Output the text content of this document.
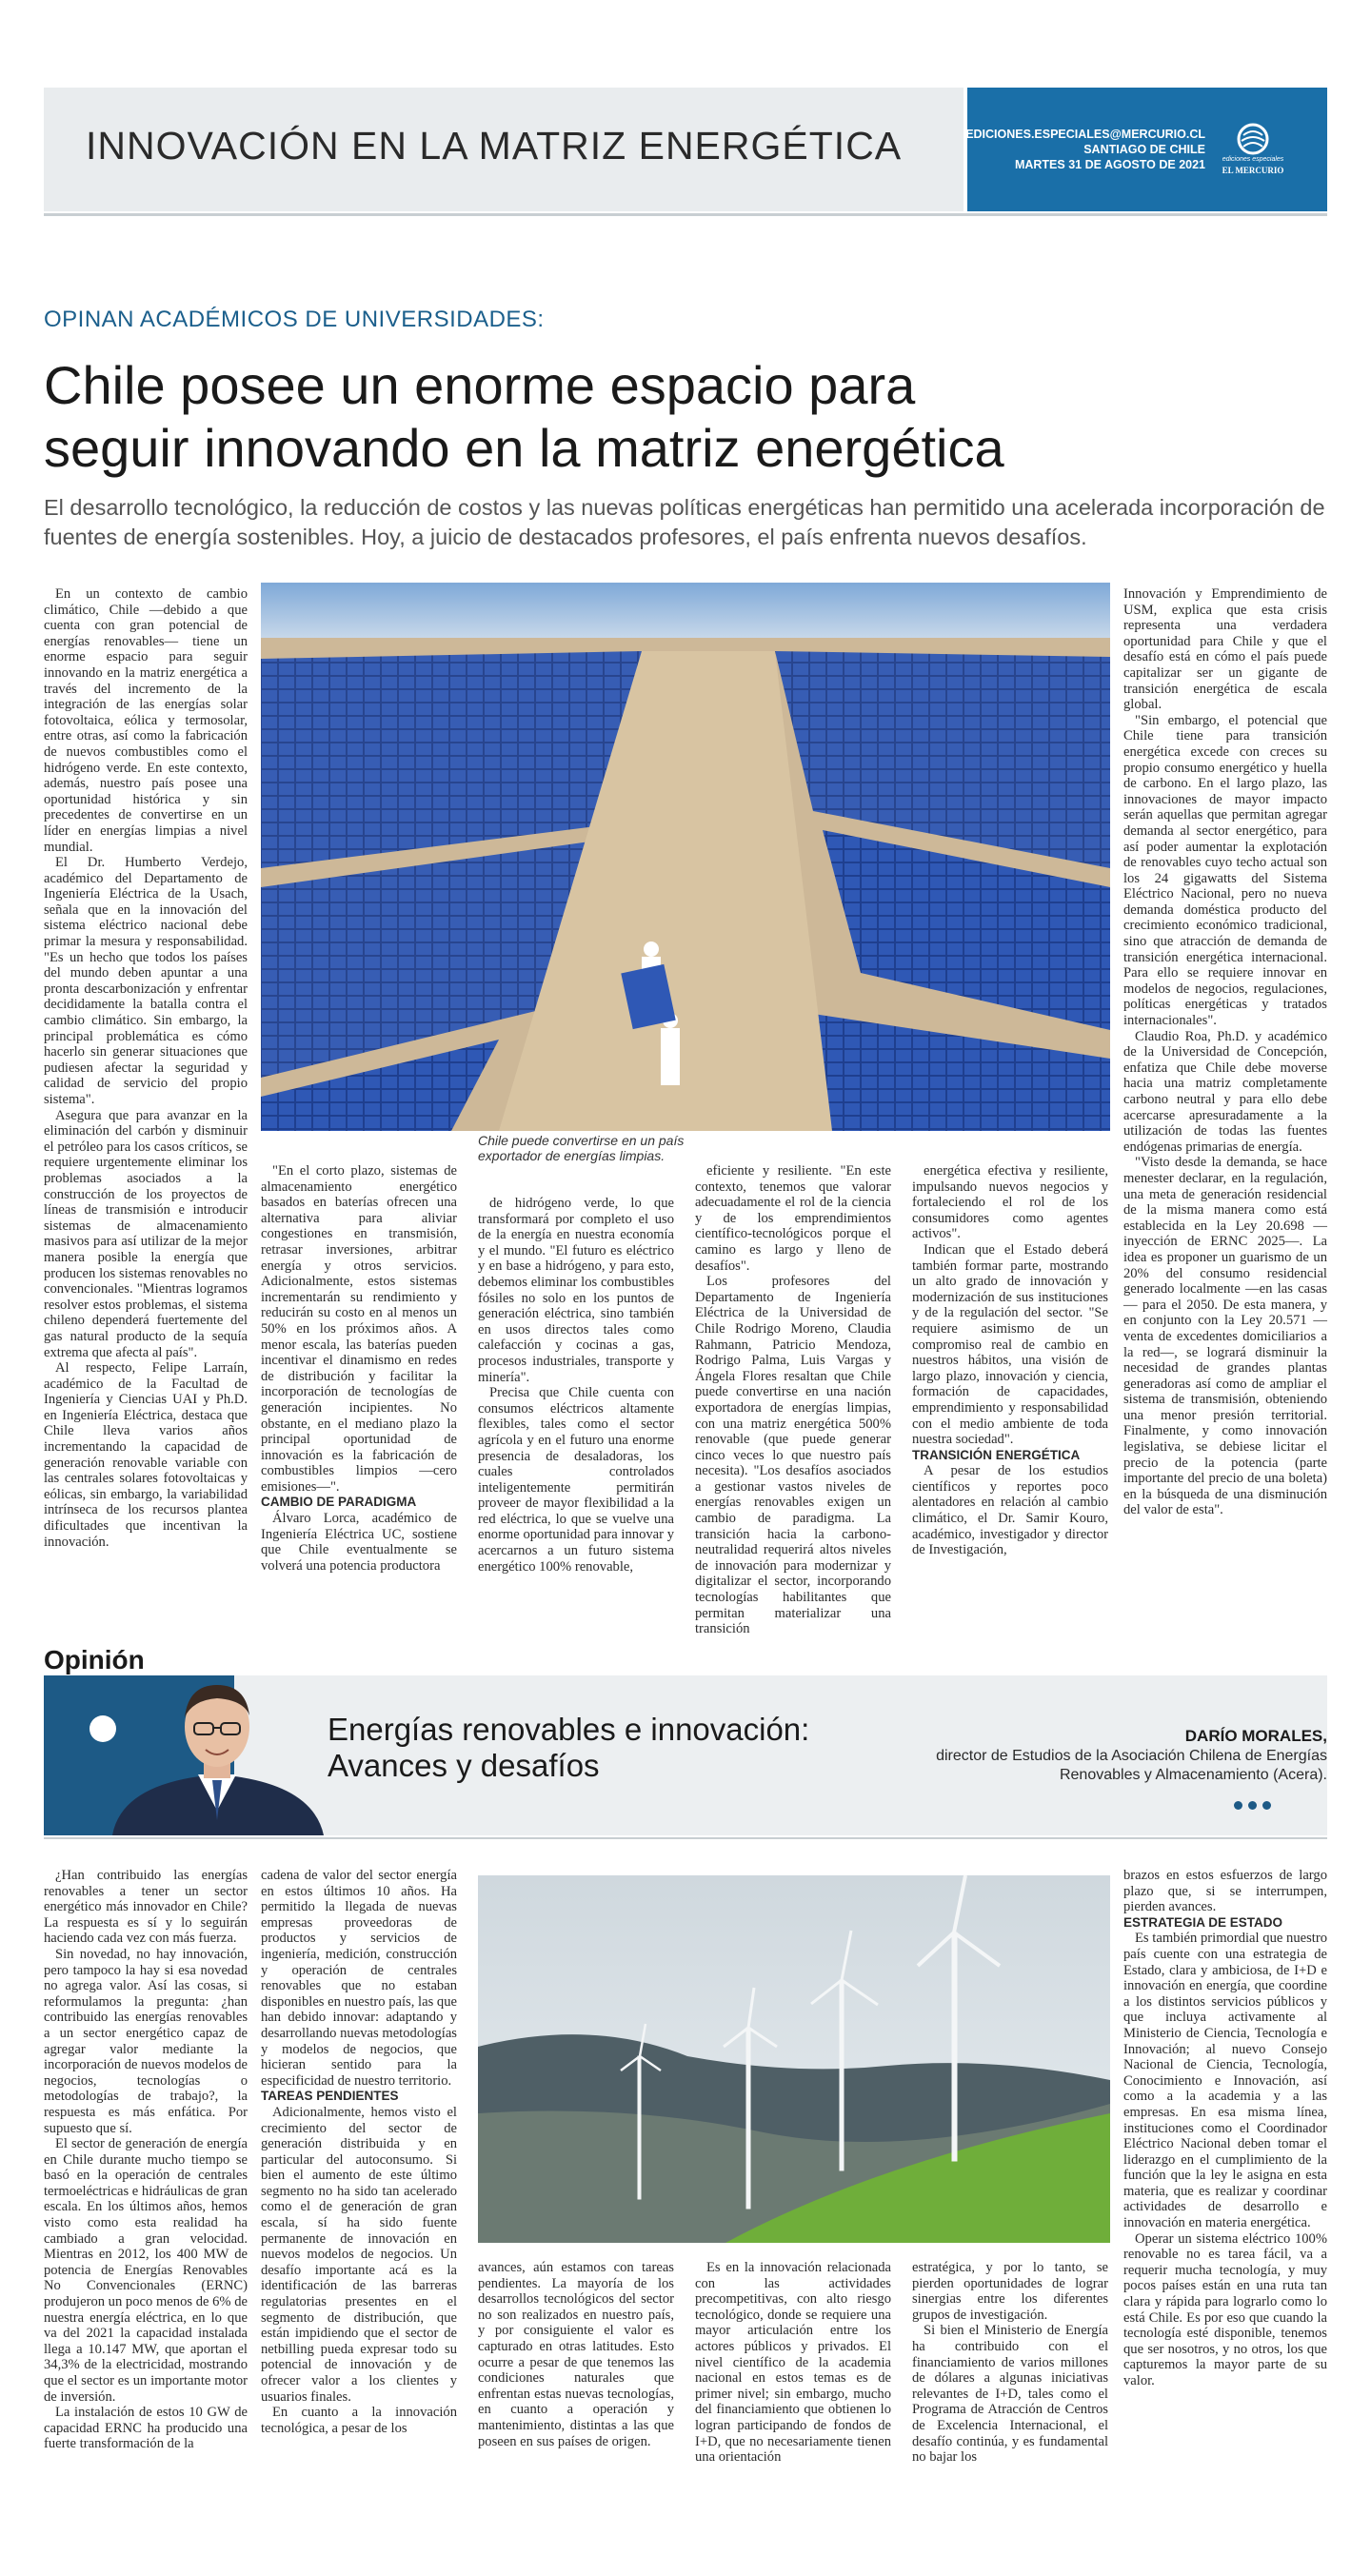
INNOVACIÓN EN LA MATRIZ ENERGÉTICA	EDICIONES.ESPECIALES@MERCURIO.CL
SANTIAGO DE CHILE
MARTES 31 DE AGOSTO DE 2021	ediciones especiales
EL MERCURIO
OPINAN ACADÉMICOS DE UNIVERSIDADES:
Chile posee un enorme espacio para
seguir innovando en la matriz energética
El desarrollo tecnológico, la reducción de costos y las nuevas políticas energéticas han permitido una acelerada incorporación de fuentes de energía sostenibles. Hoy, a juicio de destacados profesores, el país enfrenta nuevos desafíos.

En un contexto de cambio climático, Chile —debido a que cuenta con gran potencial de energías renovables— tiene un enorme espacio para seguir innovando en la matriz energética a través del incremento de la integración de las energías solar fotovoltaica, eólica y termosolar, entre otras, así como la fabricación de nuevos combustibles como el hidrógeno verde. En este contexto, además, nuestro país posee una oportunidad histórica y sin precedentes de convertirse en un líder en energías limpias a nivel mundial.

El Dr. Humberto Verdejo, académico del Departamento de Ingeniería Eléctrica de la Usach, señala que en la innovación del sistema eléctrico nacional debe primar la mesura y responsabilidad. "Es un hecho que todos los países del mundo deben apuntar a una pronta descarbonización y enfrentar decididamente la batalla contra el cambio climático. Sin embargo, la principal problemática es cómo hacerlo sin generar situaciones que pudiesen afectar la seguridad y calidad de servicio del propio sistema".

Asegura que para avanzar en la eliminación del carbón y disminuir el petróleo para los casos críticos, se requiere urgentemente eliminar los problemas asociados a la construcción de los proyectos de líneas de transmisión e introducir sistemas de almacenamiento masivos para así utilizar de la mejor manera posible la energía que producen los sistemas renovables no convencionales. "Mientras logramos resolver estos problemas, el sistema chileno dependerá fuertemente del gas natural producto de la sequía extrema que afecta al país".

Al respecto, Felipe Larraín, académico de la Facultad de Ingeniería y Ciencias UAI y Ph.D. en Ingeniería Eléctrica, destaca que Chile lleva varios años incrementando la capacidad de generación renovable variable con las centrales solares fotovoltaicas y eólicas, sin embargo, la variabilidad intrínseca de los recursos plantea dificultades que incentivan la innovación.

EL MERCURIO
Chile puede convertirse en un país exportador de energías limpias.

"En el corto plazo, sistemas de almacenamiento energético basados en baterías ofrecen una alternativa para aliviar congestiones en transmisión, retrasar inversiones, arbitrar energía y otros servicios. Adicionalmente, estos sistemas incrementarán su rendimiento y reducirán su costo en al menos un 50% en los próximos años. A menor escala, las baterías pueden incentivar el dinamismo en redes de distribución y facilitar la incorporación de tecnologías de generación incipientes. No obstante, en el mediano plazo la principal oportunidad de innovación es la fabricación de combustibles limpios —cero emisiones—".

CAMBIO DE PARADIGMA

Álvaro Lorca, académico de Ingeniería Eléctrica UC, sostiene que Chile eventualmente se volverá una potencia productora

de hidrógeno verde, lo que transformará por completo el uso de la energía en nuestra economía y el mundo. "El futuro es eléctrico y en base a hidrógeno, y para esto, debemos eliminar los combustibles fósiles no solo en los puntos de generación eléctrica, sino también en usos directos tales como calefacción y cocinas a gas, procesos industriales, transporte y minería".

Precisa que Chile cuenta con consumos eléctricos altamente flexibles, tales como el sector agrícola y en el futuro una enorme presencia de desaladoras, los cuales controlados inteligentemente permitirán proveer de mayor flexibilidad a la red eléctrica, lo que se vuelve una enorme oportunidad para innovar y acercarnos a un futuro sistema energético 100% renovable,

eficiente y resiliente. "En este contexto, tenemos que valorar adecuadamente el rol de la ciencia y de los emprendimientos científico-tecnológicos porque el camino es largo y lleno de desafíos".

Los profesores del Departamento de Ingeniería Eléctrica de la Universidad de Chile Rodrigo Moreno, Claudia Rahmann, Patricio Mendoza, Rodrigo Palma, Luis Vargas y Ángela Flores resaltan que Chile puede convertirse en una nación exportadora de energías limpias, con una matriz energética 500% renovable (que puede generar cinco veces lo que nuestro país necesita). "Los desafíos asociados a gestionar vastos niveles de energías renovables exigen un cambio de paradigma. La transición hacia la carbono-neutralidad requerirá altos niveles de innovación para modernizar y digitalizar el sector, incorporando tecnologías habilitantes que permitan materializar una transición

energética efectiva y resiliente, impulsando nuevos negocios y fortaleciendo el rol de los consumidores como agentes activos".

Indican que el Estado deberá también formar parte, mostrando un alto grado de innovación y modernización de sus instituciones y de la regulación del sector. "Se requiere asimismo de un compromiso real de cambio en nuestros hábitos, una visión de largo plazo, innovación y ciencia, formación de capacidades, emprendimiento y responsabilidad con el medio ambiente de toda nuestra sociedad".

TRANSICIÓN ENERGÉTICA

A pesar de los estudios científicos y reportes poco alentadores en relación al cambio climático, el Dr. Samir Kouro, académico, investigador y director de Investigación,

Innovación y Emprendimiento de USM, explica que esta crisis representa una verdadera oportunidad para Chile y que el desafío está en cómo el país puede capitalizar ser un gigante de transición energética de escala global.

"Sin embargo, el potencial que Chile tiene para transición energética excede con creces su propio consumo energético y huella de carbono. En el largo plazo, las innovaciones de mayor impacto serán aquellas que permitan agregar demanda al sector energético, para así poder aumentar la explotación de renovables cuyo techo actual son los 24 gigawatts del Sistema Eléctrico Nacional, pero no nueva demanda doméstica producto del crecimiento económico tradicional, sino que atracción de demanda de transición energética internacional. Para ello se requiere innovar en modelos de negocios, regulaciones, políticas energéticas y tratados internacionales".

Claudio Roa, Ph.D. y académico de la Universidad de Concepción, enfatiza que Chile debe moverse hacia una matriz completamente carbono neutral y para ello debe acercarse apresuradamente a la utilización de todas las fuentes endógenas primarias de energía.

"Visto desde la demanda, se hace menester declarar, en la regulación, una meta de generación residencial de la misma manera como está establecida en la Ley 20.698 —inyección de ERNC 2025—. La idea es proponer un guarismo de un 20% del consumo residencial generado localmente —en las casas— para el 2050. De esta manera, y en conjunto con la Ley 20.571 —venta de excedentes domiciliarios a la red—, se logrará disminuir la necesidad de grandes plantas generadoras así como de ampliar el sistema de transmisión, obteniendo una menor presión territorial. Finalmente, y como innovación legislativa, se debiese licitar el precio de la potencia (parte importante del precio de una boleta) en la búsqueda de una disminución del valor de esta".

Opinión
Energías renovables e innovación:
Avances y desafíos
DARÍO MORALES,
director de Estudios de la Asociación Chilena de Energías Renovables y Almacenamiento (Acera).

¿Han contribuido las energías renovables a tener un sector energético más innovador en Chile? La respuesta es sí y lo seguirán haciendo cada vez con más fuerza.

Sin novedad, no hay innovación, pero tampoco la hay si esa novedad no agrega valor. Así las cosas, si reformulamos la pregunta: ¿han contribuido las energías renovables a un sector energético capaz de agregar valor mediante la incorporación de nuevos modelos de negocios, tecnologías o metodologías de trabajo?, la respuesta es más enfática. Por supuesto que sí.

El sector de generación de energía en Chile durante mucho tiempo se basó en la operación de centrales termoeléctricas e hidráulicas de gran escala. En los últimos años, hemos visto como esta realidad ha cambiado a gran velocidad. Mientras en 2012, los 400 MW de potencia de Energías Renovables No Convencionales (ERNC) produjeron un poco menos de 6% de nuestra energía eléctrica, en lo que va del 2021 la capacidad instalada llega a 10.147 MW, que aportan el 34,3% de la electricidad, mostrando que el sector es un importante motor de inversión.

La instalación de estos 10 GW de capacidad ERNC ha producido una fuerte transformación de la

cadena de valor del sector energía en estos últimos 10 años. Ha permitido la llegada de nuevas empresas proveedoras de productos y servicios de ingeniería, medición, construcción y operación de centrales renovables que no estaban disponibles en nuestro país, las que han debido innovar: adaptando y desarrollando nuevas metodologías y modelos de negocios, que hicieran sentido para la especificidad de nuestro territorio.

TAREAS PENDIENTES

Adicionalmente, hemos visto el crecimiento del sector de generación distribuida y en particular del autoconsumo. Si bien el aumento de este último segmento no ha sido tan acelerado como el de generación de gran escala, sí ha sido fuente permanente de innovación en nuevos modelos de negocios. Un desafío importante acá es la identificación de las barreras regulatorias presentes en el segmento de distribución, que están impidiendo que el sector de netbilling pueda expresar todo su potencial de innovación y de ofrecer valor a los clientes y usuarios finales.

En cuanto a la innovación tecnológica, a pesar de los

avances, aún estamos con tareas pendientes. La mayoría de los desarrollos tecnológicos del sector no son realizados en nuestro país, y por consiguiente el valor es capturado en otras latitudes. Esto ocurre a pesar de que tenemos las condiciones naturales que enfrentan estas nuevas tecnologías, en cuanto a operación y mantenimiento, distintas a las que poseen en sus países de origen.

Es en la innovación relacionada con las actividades precompetitivas, con alto riesgo tecnológico, donde se requiere una mayor articulación entre los actores públicos y privados. El nivel científico de la academia nacional en estos temas es de primer nivel; sin embargo, mucho del financiamiento que obtienen lo logran participando de fondos de I+D, que no necesariamente tienen una orientación

estratégica, y por lo tanto, se pierden oportunidades de lograr sinergias entre los diferentes grupos de investigación.

Si bien el Ministerio de Energía ha contribuido con el financiamiento de varios millones de dólares a algunas iniciativas relevantes de I+D, tales como el Programa de Atracción de Centros de Excelencia Internacional, el desafío continúa, y es fundamental no bajar los

brazos en estos esfuerzos de largo plazo que, si se interrumpen, pierden avances.

ESTRATEGIA DE ESTADO

Es también primordial que nuestro país cuente con una estrategia de Estado, clara y ambiciosa, de I+D e innovación en energía, que coordine a los distintos servicios públicos y que incluya activamente al Ministerio de Ciencia, Tecnología e Innovación; al nuevo Consejo Nacional de Ciencia, Tecnología, Conocimiento e Innovación, así como a la academia y a las empresas. En esa misma línea, instituciones como el Coordinador Eléctrico Nacional deben tomar el liderazgo en el cumplimiento de la función que la ley le asigna en esta materia, que es realizar y coordinar actividades de desarrollo e innovación en materia energética.

Operar un sistema eléctrico 100% renovable no es tarea fácil, va a requerir mucha tecnología, y muy pocos países están en una ruta tan clara y rápida para lograrlo como lo está Chile. Es por eso que cuando la tecnología esté disponible, tenemos que ser nosotros, y no otros, los que capturemos la mayor parte de su valor.
